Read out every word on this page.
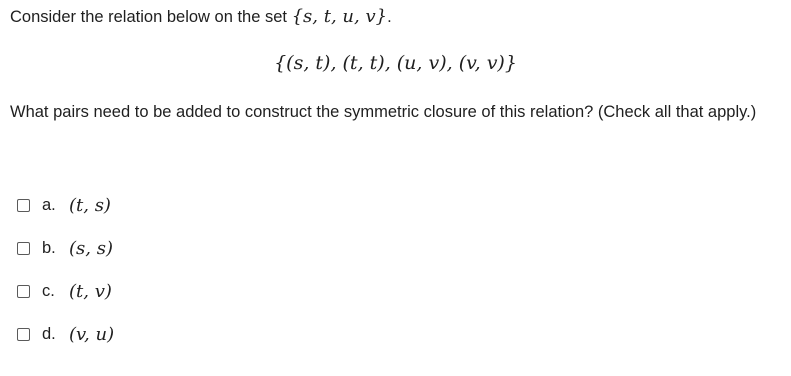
Consider the relation below on the set {s, t, u, v}.
{(s, t), (t, t), (u, v), (v, v)}
What pairs need to be added to construct the symmetric closure of this relation? (Check all that apply.)
a. (t, s)
b. (s, s)
c. (t, v)
d. (v, u)
